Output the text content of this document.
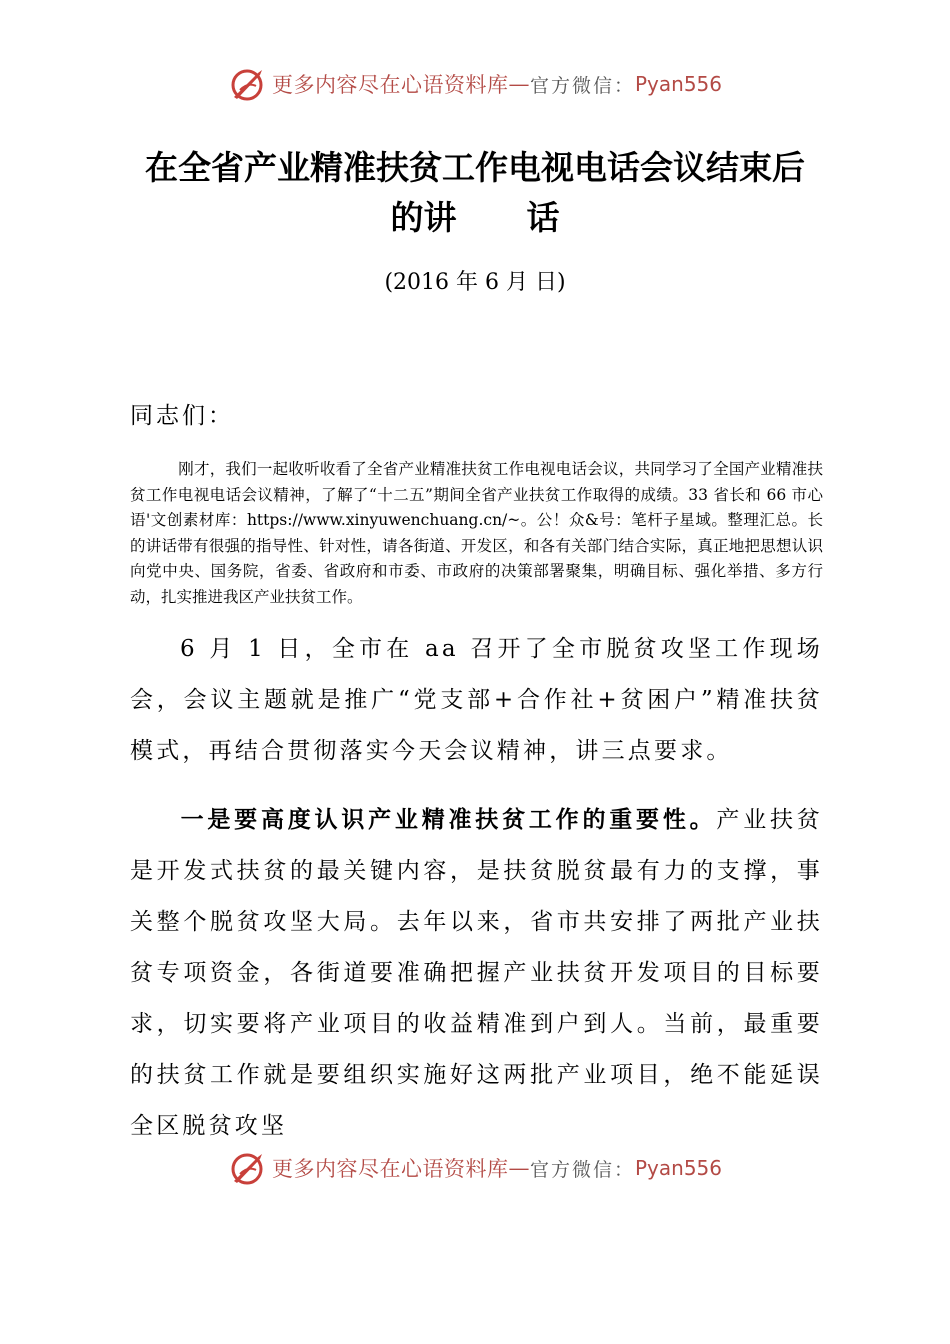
更多内容尽在心语资料库 — 官方微信： Pyan556
在全省产业精准扶贫工作电视电话会议结束后
的讲 话
(2016 年 6 月 日)
同志们：
刚才，我们一起收听收看了全省产业精准扶贫工作电视电话会议，共同学习了全国产业精准扶贫工作电视电话会议精神，了解了“十二五”期间全省产业扶贫工作取得的成绩。33 省长和 66 市心语'文创素材库：https://www.xinyuwenchuang.cn/~。公！众&号：笔杆子星域。整理汇总。长的讲话带有很强的指导性、针对性，请各街道、开发区，和各有关部门结合实际，真正地把思想认识向党中央、国务院，省委、省政府和市委、市政府的决策部署聚集，明确目标、强化举措、多方行动，扎实推进我区产业扶贫工作。
6 月 1 日，全市在 aa 召开了全市脱贫攻坚工作现场会，会议主题就是推广“党支部+合作社+贫困户”精准扶贫模式，再结合贯彻落实今天会议精神，讲三点要求。
一是要高度认识产业精准扶贫工作的重要性。产业扶贫是开发式扶贫的最关键内容，是扶贫脱贫最有力的支撑，事关整个脱贫攻坚大局。去年以来，省市共安排了两批产业扶贫专项资金，各街道要准确把握产业扶贫开发项目的目标要求，切实要将产业项目的收益精准到户到人。当前，最重要的扶贫工作就是要组织实施好这两批产业项目，绝不能延误全区脱贫攻坚
更多内容尽在心语资料库 — 官方微信： Pyan556
